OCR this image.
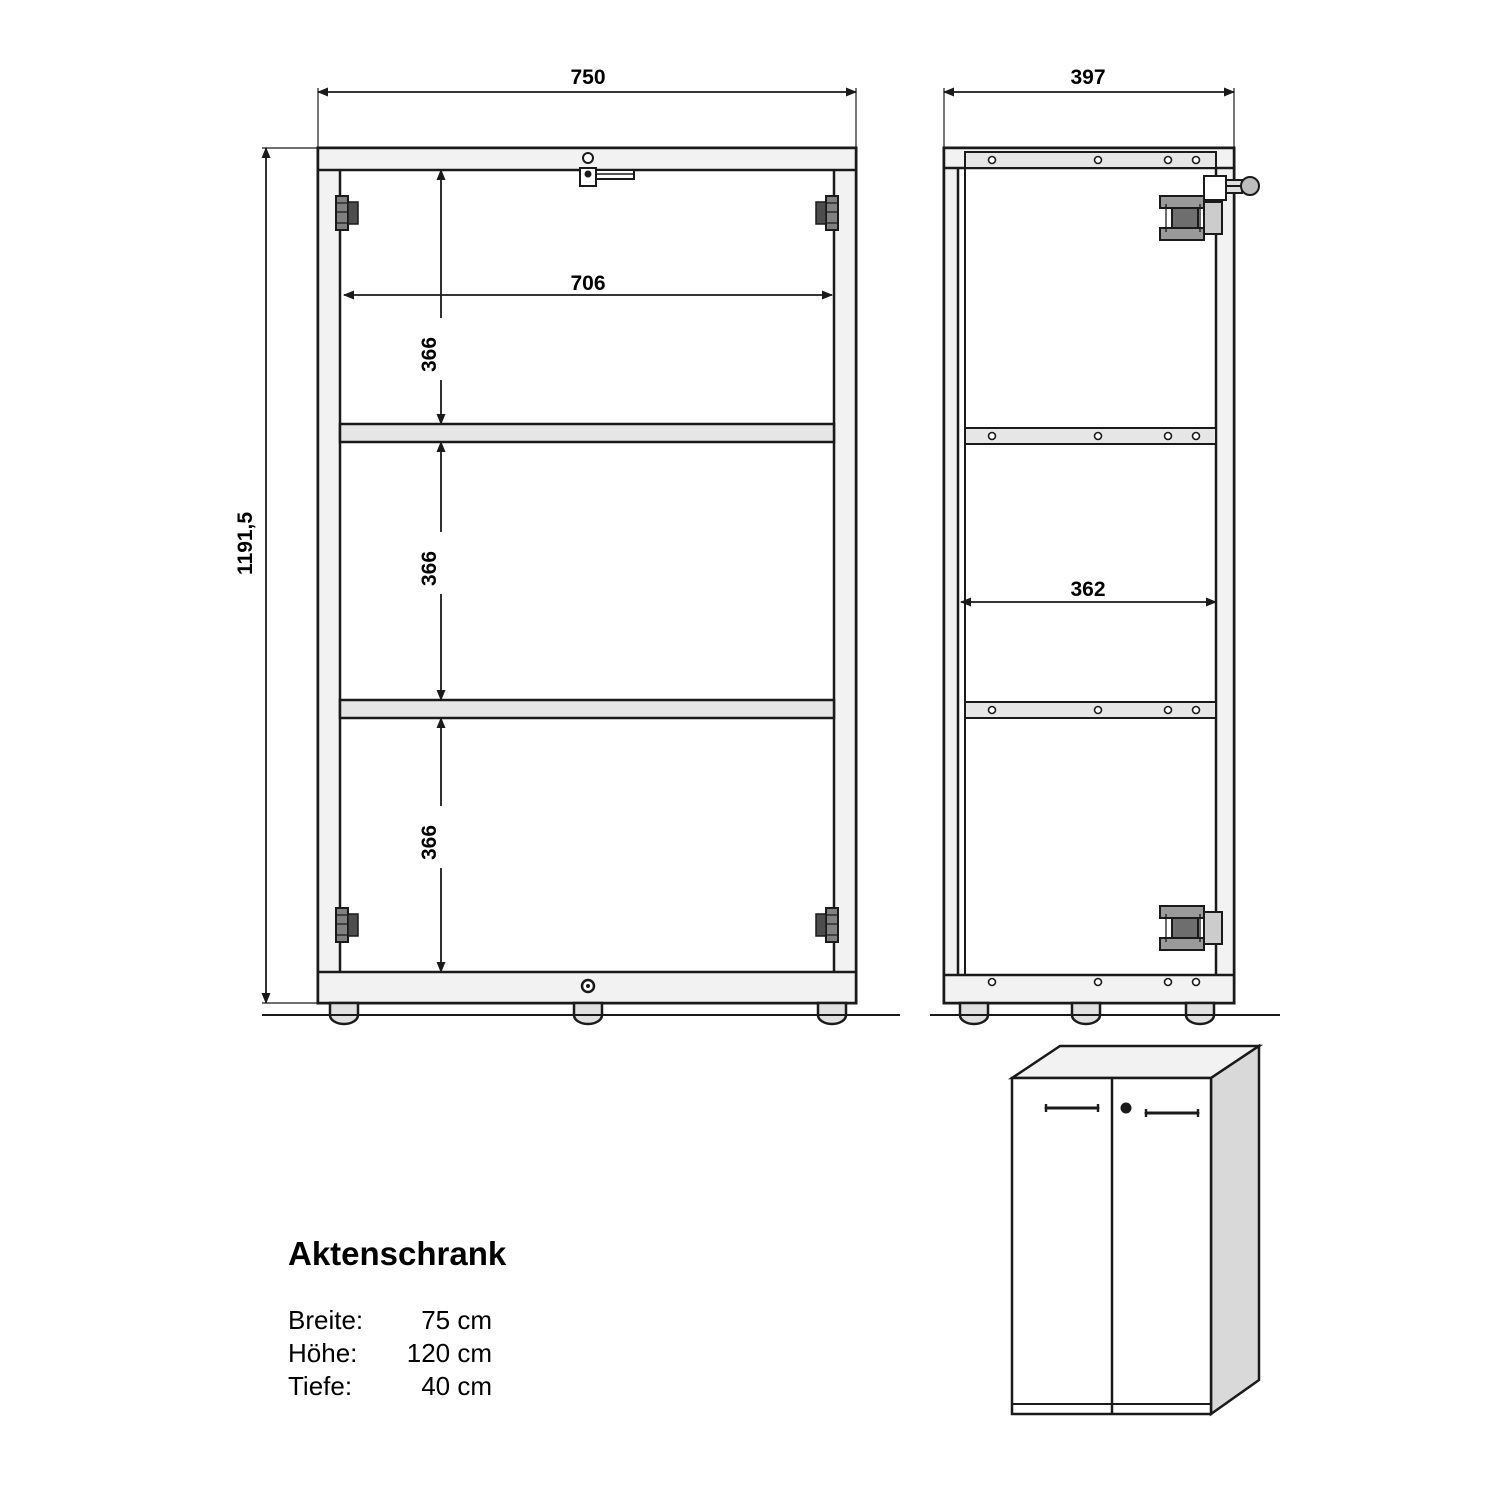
750
1191,5
706
366
366
366
397
362
Aktenschrank
Breite: 75 cm
Höhe: 120 cm
Tiefe:	40 cm
